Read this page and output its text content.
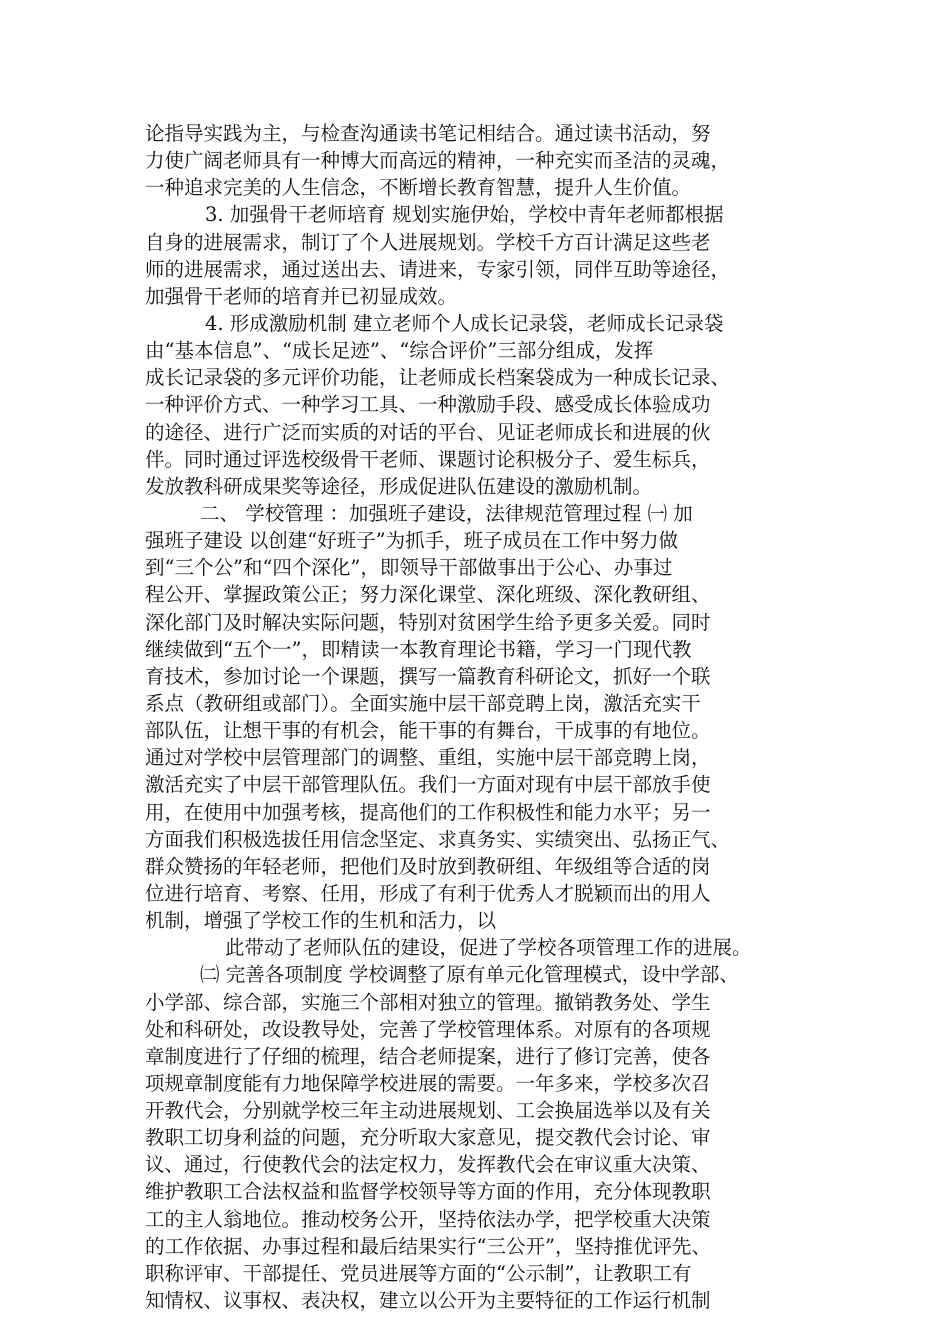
论指导实践为主，与检查沟通读书笔记相结合。通过读书活动，努
力使广阔老师具有一种博大而高远的精神，一种充实而圣洁的灵魂，
一种追求完美的人生信念，不断增长教育智慧，提升人生价值。
3. 加强骨干老师培育 规划实施伊始，学校中青年老师都根据
自身的进展需求，制订了个人进展规划。学校千方百计满足这些老
师的进展需求，通过送出去、请进来，专家引领，同伴互助等途径，
加强骨干老师的培育并已初显成效。
4. 形成激励机制 建立老师个人成长记录袋，老师成长记录袋
由“基本信息”、“成长足迹”、“综合评价”三部分组成，发挥
成长记录袋的多元评价功能，让老师成长档案袋成为一种成长记录、
一种评价方式、一种学习工具、一种激励手段、感受成长体验成功
的途径、进行广泛而实质的对话的平台、见证老师成长和进展的伙
伴。同时通过评选校级骨干老师、课题讨论积极分子、爱生标兵，
发放教科研成果奖等途径，形成促进队伍建设的激励机制。
二、 学校管理 ：加强班子建设，法律规范管理过程 ㈠ 加
强班子建设 以创建“好班子”为抓手，班子成员在工作中努力做
到“三个公”和“四个深化”，即领导干部做事出于公心、办事过
程公开、掌握政策公正；努力深化课堂、深化班级、深化教研组、
深化部门及时解决实际问题，特别对贫困学生给予更多关爱。同时
继续做到“五个一”，即精读一本教育理论书籍，学习一门现代教
育技术，参加讨论一个课题，撰写一篇教育科研论文，抓好一个联
系点（教研组或部门）。全面实施中层干部竞聘上岗，激活充实干
部队伍，让想干事的有机会，能干事的有舞台，干成事的有地位。
通过对学校中层管理部门的调整、重组，实施中层干部竞聘上岗，
激活充实了中层干部管理队伍。我们一方面对现有中层干部放手使
用，在使用中加强考核，提高他们的工作积极性和能力水平；另一
方面我们积极选拔任用信念坚定、求真务实、实绩突出、弘扬正气、
群众赞扬的年轻老师，把他们及时放到教研组、年级组等合适的岗
位进行培育、考察、任用，形成了有利于优秀人才脱颖而出的用人
机制，增强了学校工作的生机和活力，以
此带动了老师队伍的建设，促进了学校各项管理工作的进展。
㈡ 完善各项制度 学校调整了原有单元化管理模式，设中学部、
小学部、综合部，实施三个部相对独立的管理。撤销教务处、学生
处和科研处，改设教导处，完善了学校管理体系。对原有的各项规
章制度进行了仔细的梳理，结合老师提案，进行了修订完善，使各
项规章制度能有力地保障学校进展的需要。一年多来，学校多次召
开教代会，分别就学校三年主动进展规划、工会换届选举以及有关
教职工切身利益的问题，充分听取大家意见，提交教代会讨论、审
议、通过，行使教代会的法定权力，发挥教代会在审议重大决策、
维护教职工合法权益和监督学校领导等方面的作用，充分体现教职
工的主人翁地位。推动校务公开，坚持依法办学，把学校重大决策
的工作依据、办事过程和最后结果实行“三公开”，坚持推优评先、
职称评审、干部提任、党员进展等方面的“公示制”，让教职工有
知情权、议事权、表决权，建立以公开为主要特征的工作运行机制
